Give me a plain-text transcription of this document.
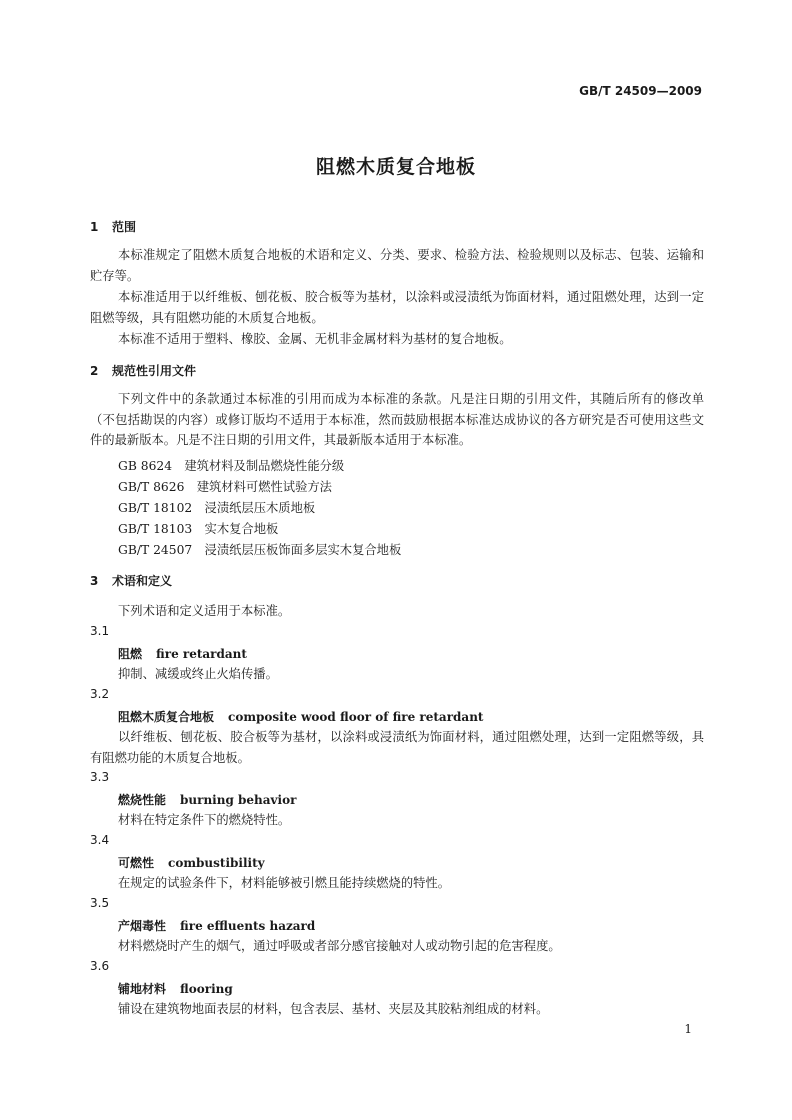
GB/T 24509—2009
阻燃木质复合地板
1 范围
本标准规定了阻燃木质复合地板的术语和定义、分类、要求、检验方法、检验规则以及标志、包装、运输和贮存等。
本标准适用于以纤维板、刨花板、胶合板等为基材，以涂料或浸渍纸为饰面材料，通过阻燃处理，达到一定阻燃等级，具有阻燃功能的木质复合地板。
本标准不适用于塑料、橡胶、金属、无机非金属材料为基材的复合地板。
2 规范性引用文件
下列文件中的条款通过本标准的引用而成为本标准的条款。凡是注日期的引用文件，其随后所有的修改单（不包括勘误的内容）或修订版均不适用于本标准，然而鼓励根据本标准达成协议的各方研究是否可使用这些文件的最新版本。凡是不注日期的引用文件，其最新版本适用于本标准。
GB 8624　建筑材料及制品燃烧性能分级
GB/T 8626　建筑材料可燃性试验方法
GB/T 18102　浸渍纸层压木质地板
GB/T 18103　实木复合地板
GB/T 24507　浸渍纸层压板饰面多层实木复合地板
3 术语和定义
下列术语和定义适用于本标准。
3.1
阻燃 fire retardant
抑制、减缓或终止火焰传播。
3.2
阻燃木质复合地板 composite wood floor of fire retardant
以纤维板、刨花板、胶合板等为基材，以涂料或浸渍纸为饰面材料，通过阻燃处理，达到一定阻燃等级，具有阻燃功能的木质复合地板。
3.3
燃烧性能 burning behavior
材料在特定条件下的燃烧特性。
3.4
可燃性 combustibility
在规定的试验条件下，材料能够被引燃且能持续燃烧的特性。
3.5
产烟毒性 fire effluents hazard
材料燃烧时产生的烟气，通过呼吸或者部分感官接触对人或动物引起的危害程度。
3.6
铺地材料 flooring
铺设在建筑物地面表层的材料，包含表层、基材、夹层及其胶粘剂组成的材料。
1
